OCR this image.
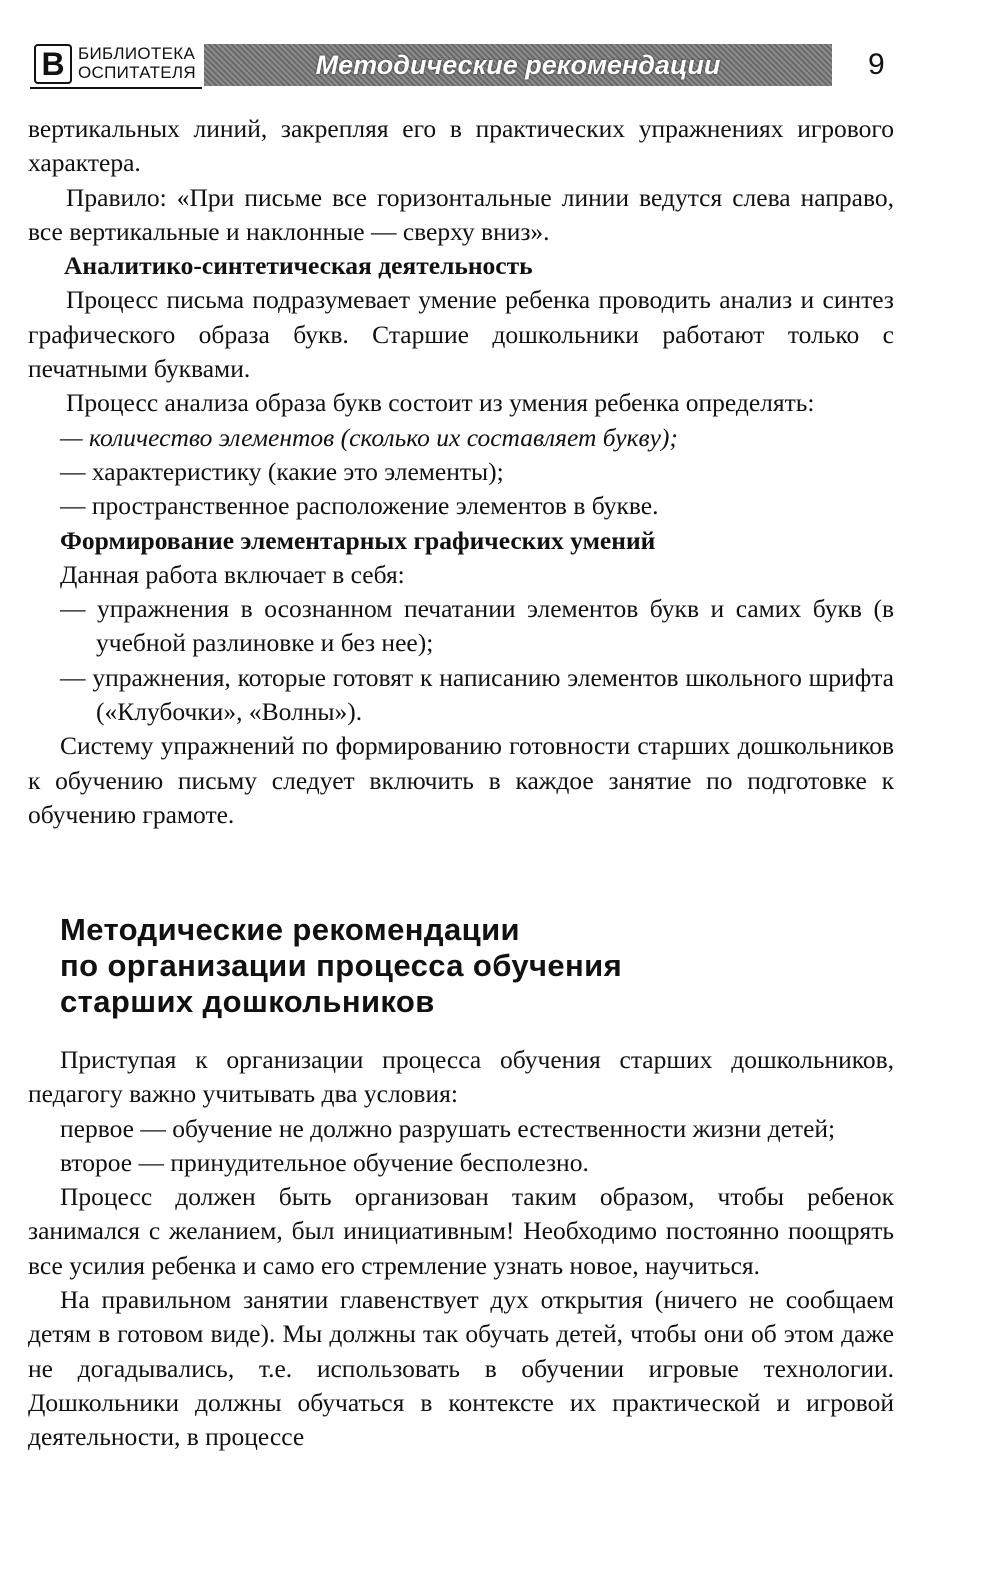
В БИБЛИОТЕКА
ОСПИТАТЕЛЯ	Методические рекомендации	9

вертикальных линий, закрепляя его в практических упражнениях игрового характера.

Правило: «При письме все горизонтальные линии ведутся слева направо, все вертикальные и наклонные — сверху вниз».

Аналитико-синтетическая деятельность

Процесс письма подразумевает умение ребенка проводить анализ и синтез графического образа букв. Старшие дошкольники работают только с печатными буквами.

Процесс анализа образа букв состоит из умения ребенка определять:

— количество элементов (сколько их составляет букву);

— характеристику (какие это элементы);

— пространственное расположение элементов в букве.

Формирование элементарных графических умений

Данная работа включает в себя:

— упражнения в осознанном печатании элементов букв и самих букв (в учебной разлиновке и без нее);

— упражнения, которые готовят к написанию элементов школьного шрифта («Клубочки», «Волны»).

Систему упражнений по формированию готовности старших дошкольников к обучению письму следует включить в каждое занятие по подготовке к обучению грамоте.

Методические рекомендации
по организации процесса обучения
старших дошкольников

Приступая к организации процесса обучения старших дошкольников, педагогу важно учитывать два условия:

первое — обучение не должно разрушать естественности жизни детей;

второе — принудительное обучение бесполезно.

Процесс должен быть организован таким образом, чтобы ребенок занимался с желанием, был инициативным! Необходимо постоянно поощрять все усилия ребенка и само его стремление узнать новое, научиться.

На правильном занятии главенствует дух открытия (ничего не сообщаем детям в готовом виде). Мы должны так обучать детей, чтобы они об этом даже не догадывались, т.е. использовать в обучении игровые технологии. Дошкольники должны обучаться в контексте их практической и игровой деятельности, в процессе
